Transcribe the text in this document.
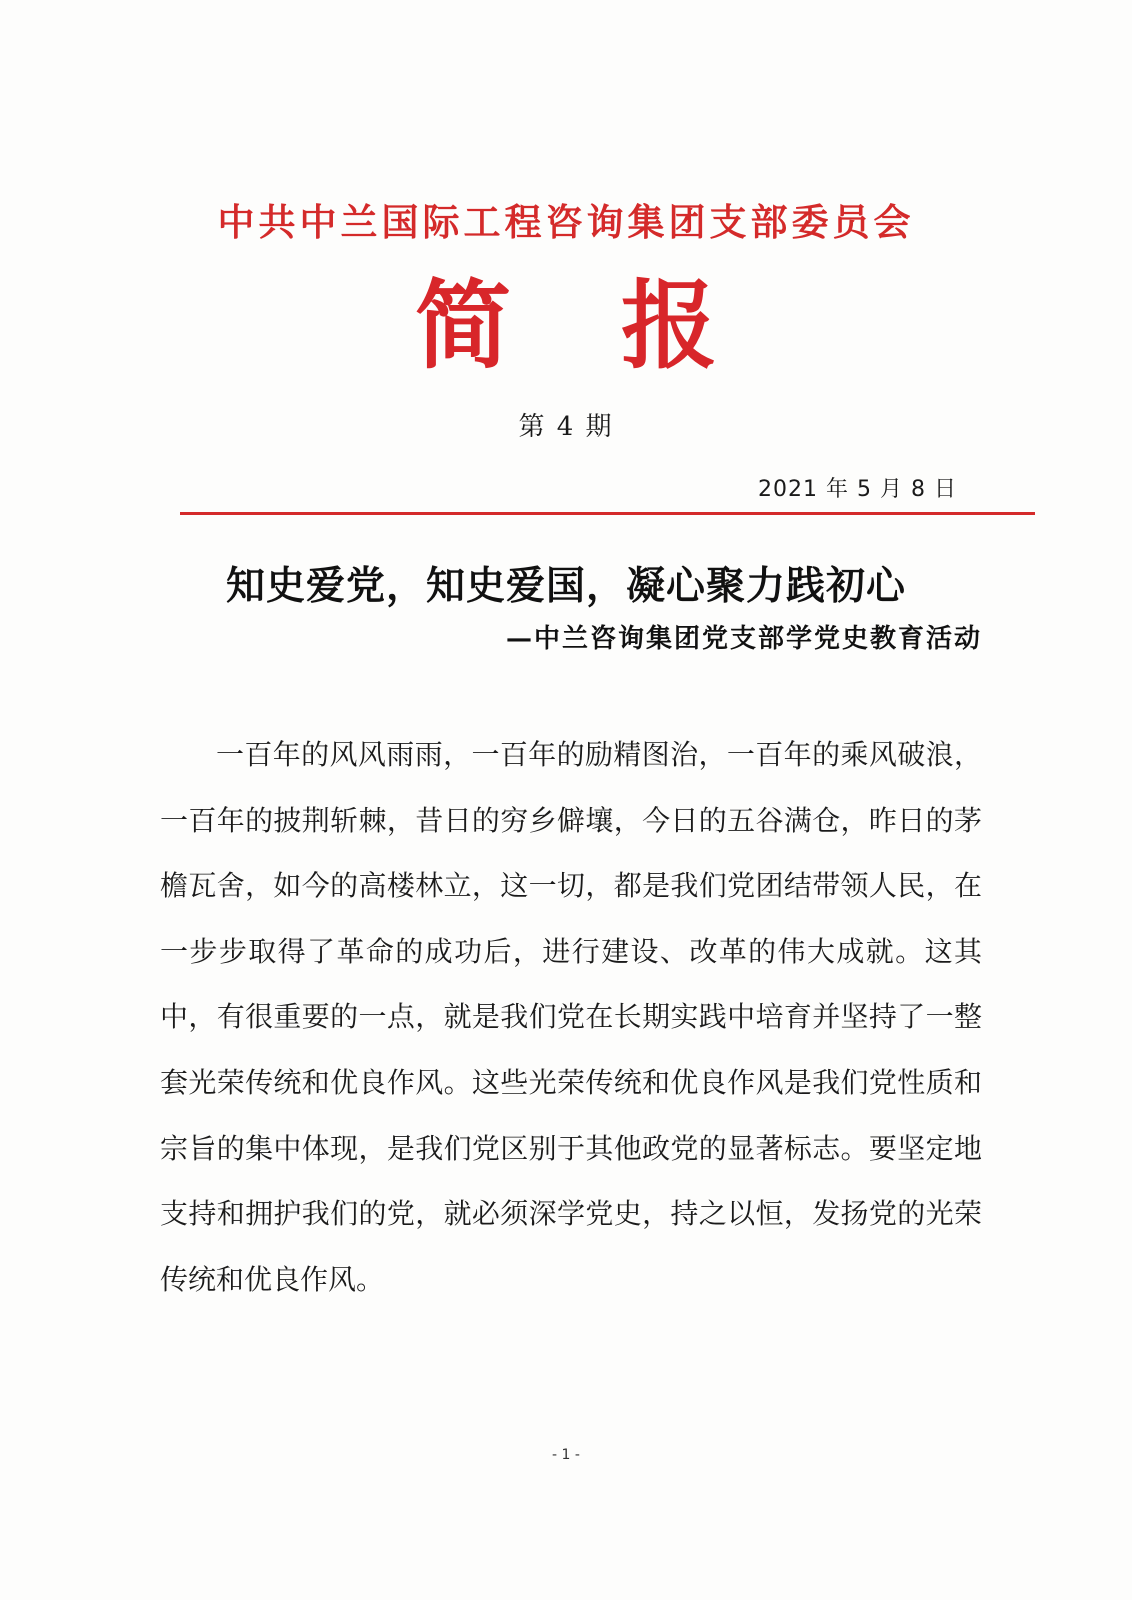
中共中兰国际工程咨询集团支部委员会
简报
第 4 期
2021 年 5 月 8 日
知史爱党，知史爱国，凝心聚力践初心
—中兰咨询集团党支部学党史教育活动

一百年的风风雨雨，一百年的励精图治，一百年的乘风破浪，一百年的披荆斩棘，昔日的穷乡僻壤，今日的五谷满仓，昨日的茅檐瓦舍，如今的高楼林立，这一切，都是我们党团结带领人民，在一步步取得了革命的成功后，进行建设、改革的伟大成就。这其中，有很重要的一点，就是我们党在长期实践中培育并坚持了一整套光荣传统和优良作风。这些光荣传统和优良作风是我们党性质和宗旨的集中体现，是我们党区别于其他政党的显著标志。要坚定地支持和拥护我们的党，就必须深学党史，持之以恒，发扬党的光荣传统和优良作风。

- 1 -
